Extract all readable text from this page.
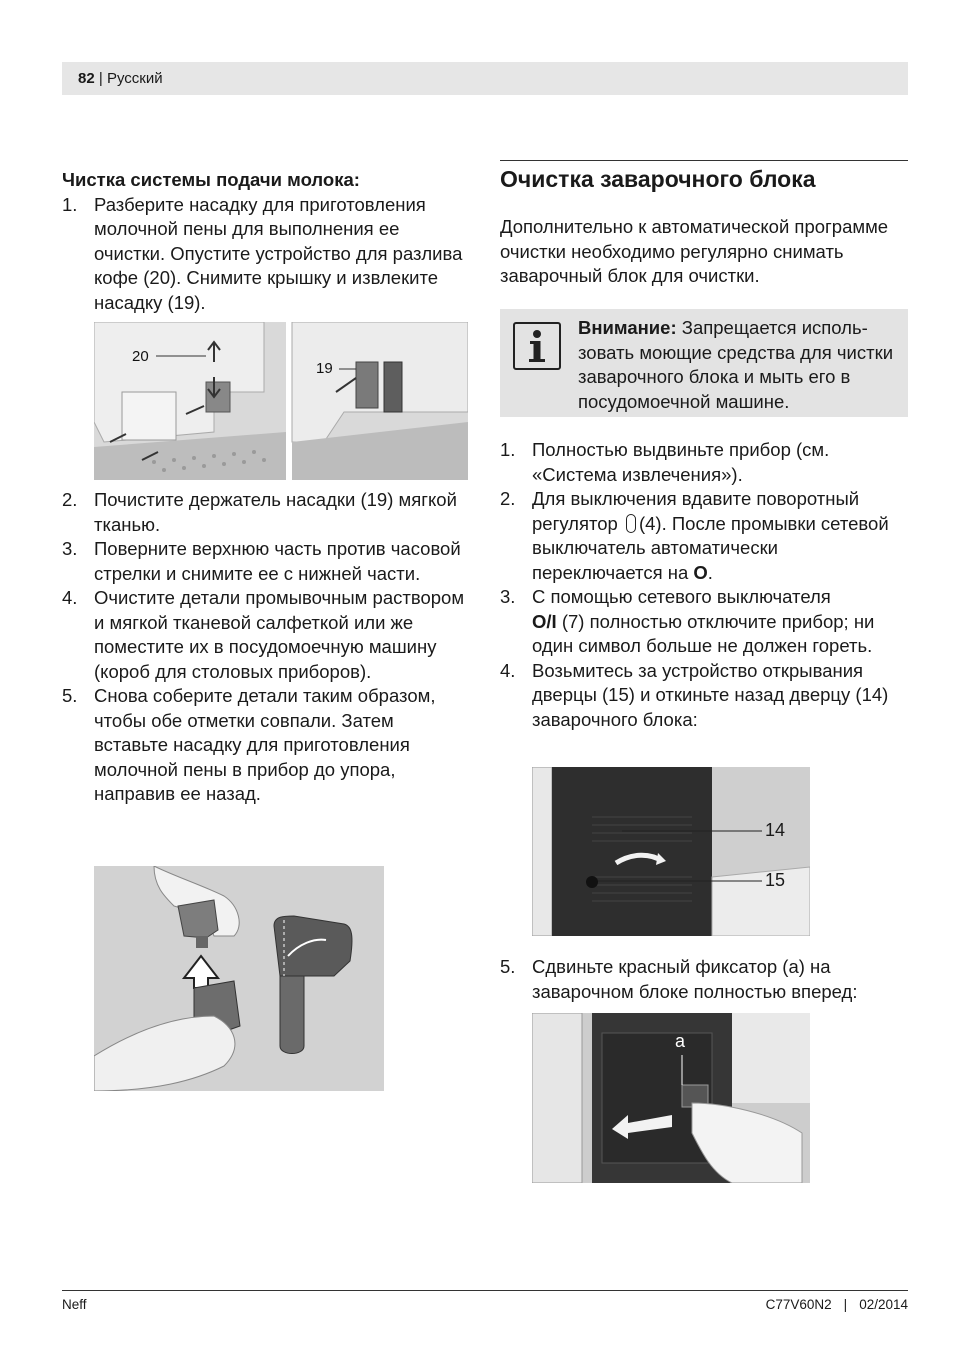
82 | Русский

Чистка системы подачи молока:

1. Разберите насадку для приготовления молочной пены для выполнения ее очистки. Опустите устройство для разлива кофе (20). Снимите крышку и извлеките насадку (19).
20
19
2. Почистите держатель насадки (19) мягкой тканью.
3. Поверните верхнюю часть против часовой стрелки и снимите ее с нижней части.
4. Очистите детали промывочным раствором и мягкой тканевой салфеткой или же поместите их в посудомоечную машину (короб для столовых приборов).
5. Снова соберите детали таким образом, чтобы обе отметки совпали. Затем вставьте насадку для приготовления молочной пены в прибор до упора, направив ее назад.
Очистка заварочного блока
Дополнительно к автоматической программе очистки необходимо регулярно снимать заварочный блок для очистки.
Внимание: Запрещается использовать моющие средства для чистки заварочного блока и мыть его в посудомоечной машине.
1. Полностью выдвиньте прибор (см. «Система извлечения»).
2. Для выключения вдавите поворотный регулятор (4). После промывки сетевой выключатель автоматически переключается на O.
3. С помощью сетевого выключателя
O/I (7) полностью отключите прибор; ни один символ больше не должен гореть.
4. Возьмитесь за устройство открывания дверцы (15) и откиньте назад дверцу (14) заварочного блока:
14
15
5. Сдвиньте красный фиксатор (a) на заварочном блоке полностью вперед:
a
Neff	C77V60N2 | 02/2014
